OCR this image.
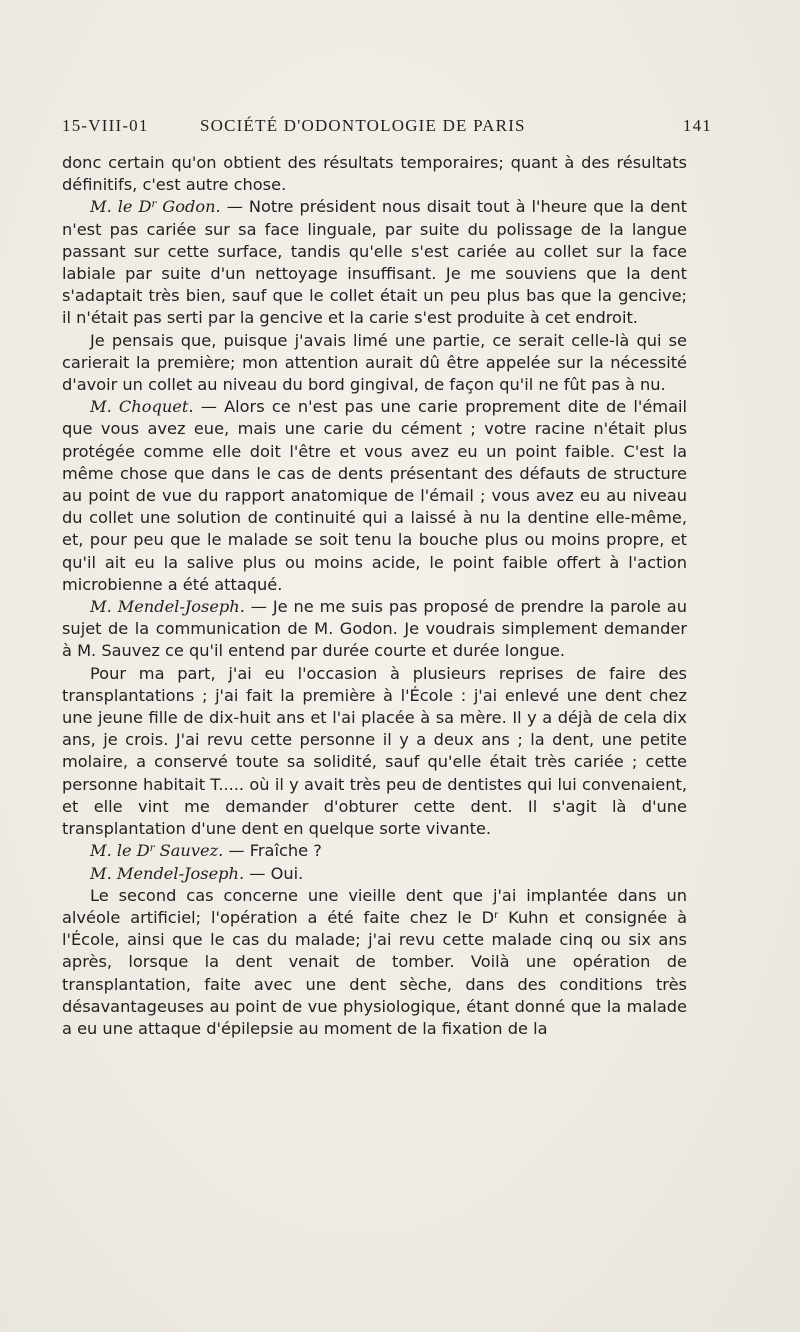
15-VIII-01	SOCIÉTÉ D'ODONTOLOGIE DE PARIS	141

donc certain qu'on obtient des résultats temporaires; quant à des résultats définitifs, c'est autre chose.

M. le $D^r$ Godon. — Notre président nous disait tout à l'heure que la dent n'est pas cariée sur sa face linguale, par suite du polissage de la langue passant sur cette surface, tandis qu'elle s'est cariée au collet sur la face labiale par suite d'un nettoyage insuffisant. Je me souviens que la dent s'adaptait très bien, sauf que le collet était un peu plus bas que la gencive; il n'était pas serti par la gencive et la carie s'est produite à cet endroit.

Je pensais que, puisque j'avais limé une partie, ce serait celle-là qui se carierait la première; mon attention aurait dû être appelée sur la nécessité d'avoir un collet au niveau du bord gingival, de façon qu'il ne fût pas à nu.

M. Choquet. — Alors ce n'est pas une carie proprement dite de l'émail que vous avez eue, mais une carie du cément ; votre racine n'était plus protégée comme elle doit l'être et vous avez eu un point faible. C'est la même chose que dans le cas de dents présentant des défauts de structure au point de vue du rapport anatomique de l'émail ; vous avez eu au niveau du collet une solution de continuité qui a laissé à nu la dentine elle-même, et, pour peu que le malade se soit tenu la bouche plus ou moins propre, et qu'il ait eu la salive plus ou moins acide, le point faible offert à l'action microbienne a été attaqué.

M. Mendel-Joseph. — Je ne me suis pas proposé de prendre la parole au sujet de la communication de M. Godon. Je voudrais simplement demander à M. Sauvez ce qu'il entend par durée courte et durée longue.

Pour ma part, j'ai eu l'occasion à plusieurs reprises de faire des transplantations ; j'ai fait la première à l'École : j'ai enlevé une dent chez une jeune fille de dix-huit ans et l'ai placée à sa mère. Il y a déjà de cela dix ans, je crois. J'ai revu cette personne il y a deux ans ; la dent, une petite molaire, a conservé toute sa solidité, sauf qu'elle était très cariée ; cette personne habitait T..... où il y avait très peu de dentistes qui lui convenaient, et elle vint me demander d'obturer cette dent. Il s'agit là d'une transplantation d'une dent en quelque sorte vivante.

M. le $D^r$ Sauvez. — Fraîche ?

M. Mendel-Joseph. — Oui.

Le second cas concerne une vieille dent que j'ai implantée dans un alvéole artificiel; l'opération a été faite chez le $D^r$ Kuhn et consignée à l'École, ainsi que le cas du malade; j'ai revu cette malade cinq ou six ans après, lorsque la dent venait de tomber. Voilà une opération de transplantation, faite avec une dent sèche, dans des conditions très désavantageuses au point de vue physiologique, étant donné que la malade a eu une attaque d'épilepsie au moment de la fixation de la
